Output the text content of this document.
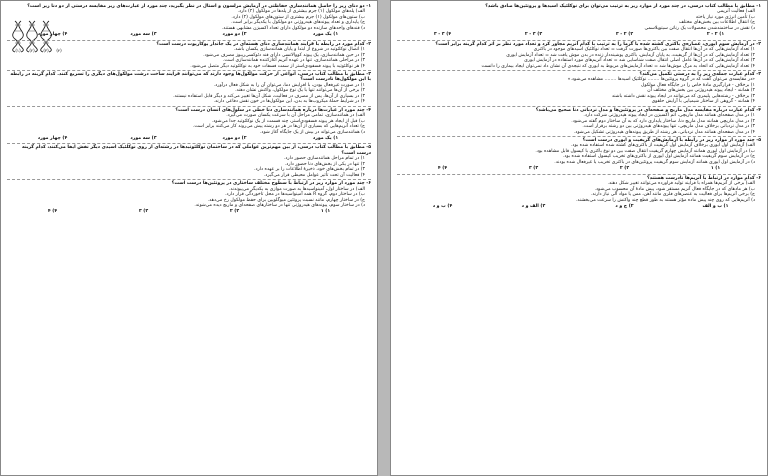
(۱) (۲) (۳) (۴)
۱- دو دنای زیر را حاصل همانندسازی حفاظتی در آزمایش مزلسون و استال در نظر بگیرید، چند مورد از عبارت‌های زیر مقایسه درستی از دو دنا زیر است؟
الف) پله‌های مولکول (۱) جرم بیشتری از پله‌ها در مولکول (۲) دارد.
ب) ستون‌های مولکول (۱) جرم بیشتری از ستون‌های مولکول (۲) دارد.
ج) پایداری و تعداد پیوندهای هیدروژنی دو مولکول با یکدیگر برابر است.
د) قندهای واحدهای سازنده دو مولکول دارای تعداد اکسیژن مشابهی هستند.
۱) یک مورد
۲) دو مورد
۳) سه مورد
۴) چهار مورد
۲- کدام مورد در رابطه با فرایند همانندسازی دنای هسته‌ای در یک جاندار یوکاریوت درست است؟
۱) اتصال نوکلئوتید در شروع از ابتدا و پایان همانندسازی یکسان باشد.
۲) در حین همانندسازی، یک پیوند کووالانسی دارای قند دئوکسی‌ریبوز مصرف می‌شود.
۳) در مراحلی همانندسازی، تنها در عهده آنزیم آغازکننده همانندسازی است.
۴) هر نوکلئوتید با پیوند فسفودی‌استر از سمت فسفات خود به نوکلئوتید دیگر متصل می‌شود.
۳- مطابق با مطالب کتاب درسی، انواعی از حرکت مولکول‌ها وجود دارند که می‌توانند فرایند ساخت درشت مولکول‌های دیگری را تسریع کنند. کدام گزینه در رابطه با این مولکول‌ها نادرست است؟
۱) در صورت غیرفعال بودن، با افزایش دما، می‌توان آن را به شکل فعال درآورد.
۲) برخی از آن‌ها می‌توانند تنها با یک نوع مولکول، واکنش نشان دهند.
۳) در بسیاری از آن‌ها، پس از مصرف در فعالیت، شکل آن‌ها تغییر می‌کند و دیگر قابل استفاده نیستند.
۴) در شرایط حملهٔ میکروب‌ها به بدن، این مولکول‌ها در خون نقش دفاعی دارند.
۴- چند مورد از عبارت‌ها درباره همانندسازی دنا خطی در سلول‌های انسان درست است؟
الف) در همانندسازی، تمامی مراحل آن با سرعت یکسان صورت می‌گیرد.
ب) قبل از ایجاد هر پیوند فسفودی‌استر، چند قسمت از یک نوکلئوتید جدا می‌شود.
ج) تعداد آنزیم‌هایی که بسیاری از آن‌ها در هر دو رشته پیش می‌روند کار می‌کنند برابر است.
د) همانندسازی می‌تواند در بیش از یک جایگاه آغاز شود.
۱) یک مورد
۲) دو مورد
۳) سه مورد
۴) چهار مورد
۵- مطابق با مطالب کتاب درسی، از بین مهم‌ترین عواملی که در ساختمان نوکلئوتیدها در رشته‌ای از روی نوکلئیک اسیدی دیگر نقش ایفا می‌کنند، کدام گزینه درست است؟
۱) در تمام مراحل همانندسازی حضور دارد.
۲) تنها در یکی از بخش‌های دنا حضور دارد.
۳) در تمام بخش‌های خود، ذخیرهٔ اطلاعات را بر عهده دارد.
۴) فعالیت آن تحت تأثیر عوامل محیطی قرار می‌گیرد.
۶- چند مورد از موارد زیر در ارتباط با سطوح مختلف ساختاری در پروتئین‌ها درست است؟
الف) در ساختار اول، آمینواسیدها به صورت موازی به یکدیگر می‌پیوندند.
ب) در ساختار دوم، گروه R همه آمینواسیدها در محل تاخوردگی قرار دارد.
ج) در ساختار چهارم، مانند نسبت پروتئین میوگلوبین برای حفظ مولکول رخ می‌دهد.
د) در ساختار سوم، پیوندهای هیدروژنی تنها در ساختارهای صفحه‌ای و ماریچ دیده می‌شوند.
۱) ۱
۲) ۲
۳) ۳
۴) ۴
۱- مطابق با مطالب کتاب درسی، در چند مورد از موارد زیر به ترتیب می‌توان برای نوکلئیک اسیدها و پروتئین‌ها صادق باشد؟
الف) فعالیت آنزیمی
ب) تأمین انرژی مورد نیاز یاخته
ج) انتقال اطلاعات بین بخش‌های مختلف
د) نقش در ساختمندشدن محصولات یک رناتن سیتوپلاسمی
۱) ۲ - ۲
۲) ۲ - ۳
۳) ۳ - ۲
۴) ۳ - ۳
۲- در آزمایش سوم ایوری، عصاره‌ی باکتری کشته شده با گرما را به ترتیب با کدام آنزیم مجاور کرد و تعداد مورد نظر بر اثر کدام گزینه برابر است؟
۱) تعداد آزمایش‌هایی که در آن‌ها انتقال صفت بین باکتری‌ها صورت گرفت = تعداد نوکلئیک اسیدهای موجود در باکتری
۲) تعداد آزمایش‌هایی که در آن‌ها از گریفیت، به پایان آزمایش، باکتری پوشینه‌دار زنده در بدن موش یافت شد = تعداد آزمایش ایوری
۳) تعداد آزمایش‌هایی که در آن‌ها عامل اصلی انتقال صفت شناسایی شد = تعداد آنزیم‌های مورد استفاده در آزمایش ایوری
۴) تعداد آزمایش‌هایی که اتحاد به مرگ موش‌ها شد = تعداد آزمایش‌های مربوط به ایوری که نتیجه‌ی آن نشان داد نمی‌توان ایجاد بیماری را دانست
۳- کدام عبارت جمله‌ی زیر را به درستی تکمیل می‌کند؟
«در مقایسه‌ی می‌توان گفت که در گروه پروتئین‌ها ........ نوکلئیک اسیدها ........ مشاهده می‌شود.»
۱) برخلاف - قرارگیری مادهٔ خاص را در جایگاه فعال مولکول
۲) همانند - ایجاد پیوند هیدروژنی بین بخش‌های مختلف آن
۳) برخلاف - رشته‌هایی پلیمری که می‌توانند در ایجاد پیوند نقش داشته باشند
۴) همانند - گروهی از ساختار شیمیایی با آرایش حلقوی
۴- کدام عبارت درباره مقایسه مدل ماریچ و صفحه‌ای در پروتئین‌ها و مدل نردبانی دنا صحیح می‌باشد؟
۱) در مدل صفحه‌ای همانند مدل ماریچی، اتم اکسیژن در ایجاد پیوند هیدروژنی شرکت دارد.
۲) در مدل ماریچی همانند مدل ماریچ دنا، ساختار پایداری دارد که به آن ساختار دوم گفته می‌شود.
۳) در مدل نردبانی برخلاف مدل ماریچی، تنها پیوندهای هیدروژنی بین دو رشته برقرار است.
۴) در مدل صفحه‌ای همانند مدل نردبانی، هر رشته از طریق پیوندهای هیدروژنی تشکیل می‌شود.
۵- چند مورد از موارد زیر در رابطه با آزمایش‌های گریفیت و ایوری درست است؟
الف) آزمایش اول ایوری برخلاف آزمایش اول گریفیت از باکتری‌های کشته شده استفاده شده بود.
ب) در آزمایش اول ایوری همانند آزمایش چهارم گریفیت انتقال صفت بین دو نوع باکتری با کپسول قابل مشاهده بود.
ج) در آزمایش سوم گریفیت همانند آزمایش اول ایوری از باکتری‌های تخریب کپسول استفاده شده بود.
د) در آزمایش اول ایوری همانند آزمایش سوم گریفیت پروتئین‌های در باکتری تخریب یا غیرفعال شده بودند.
۱) ۱
۲) ۲
۳) ۳
۴) ۴
۶- کدام موارد در ارتباط با آنزیم‌ها نادرست هستند؟
الف) برخی از آنزیم‌ها همراه با فرایند تولید فراورده می‌توانند تغییر شکل دهند.
ب) هر مادهای که در جایگاه فعال آنزیم مستقر شود، پیش مادهٔ آن محسوب می‌شود.
ج) برخی آنزیم‌ها برای فعالیت به عنصرهای فلزی مانند آهن، مس یا مواد آلی نیاز دارند.
د) آنزیم‌هایی که روی چند پیش ماده مؤثر هستند به طور قطع چند واکنش را سرعت می‌بخشند.
۱) ب و الف
۲) ج و د
۳) الف و د
۴) ب و د
